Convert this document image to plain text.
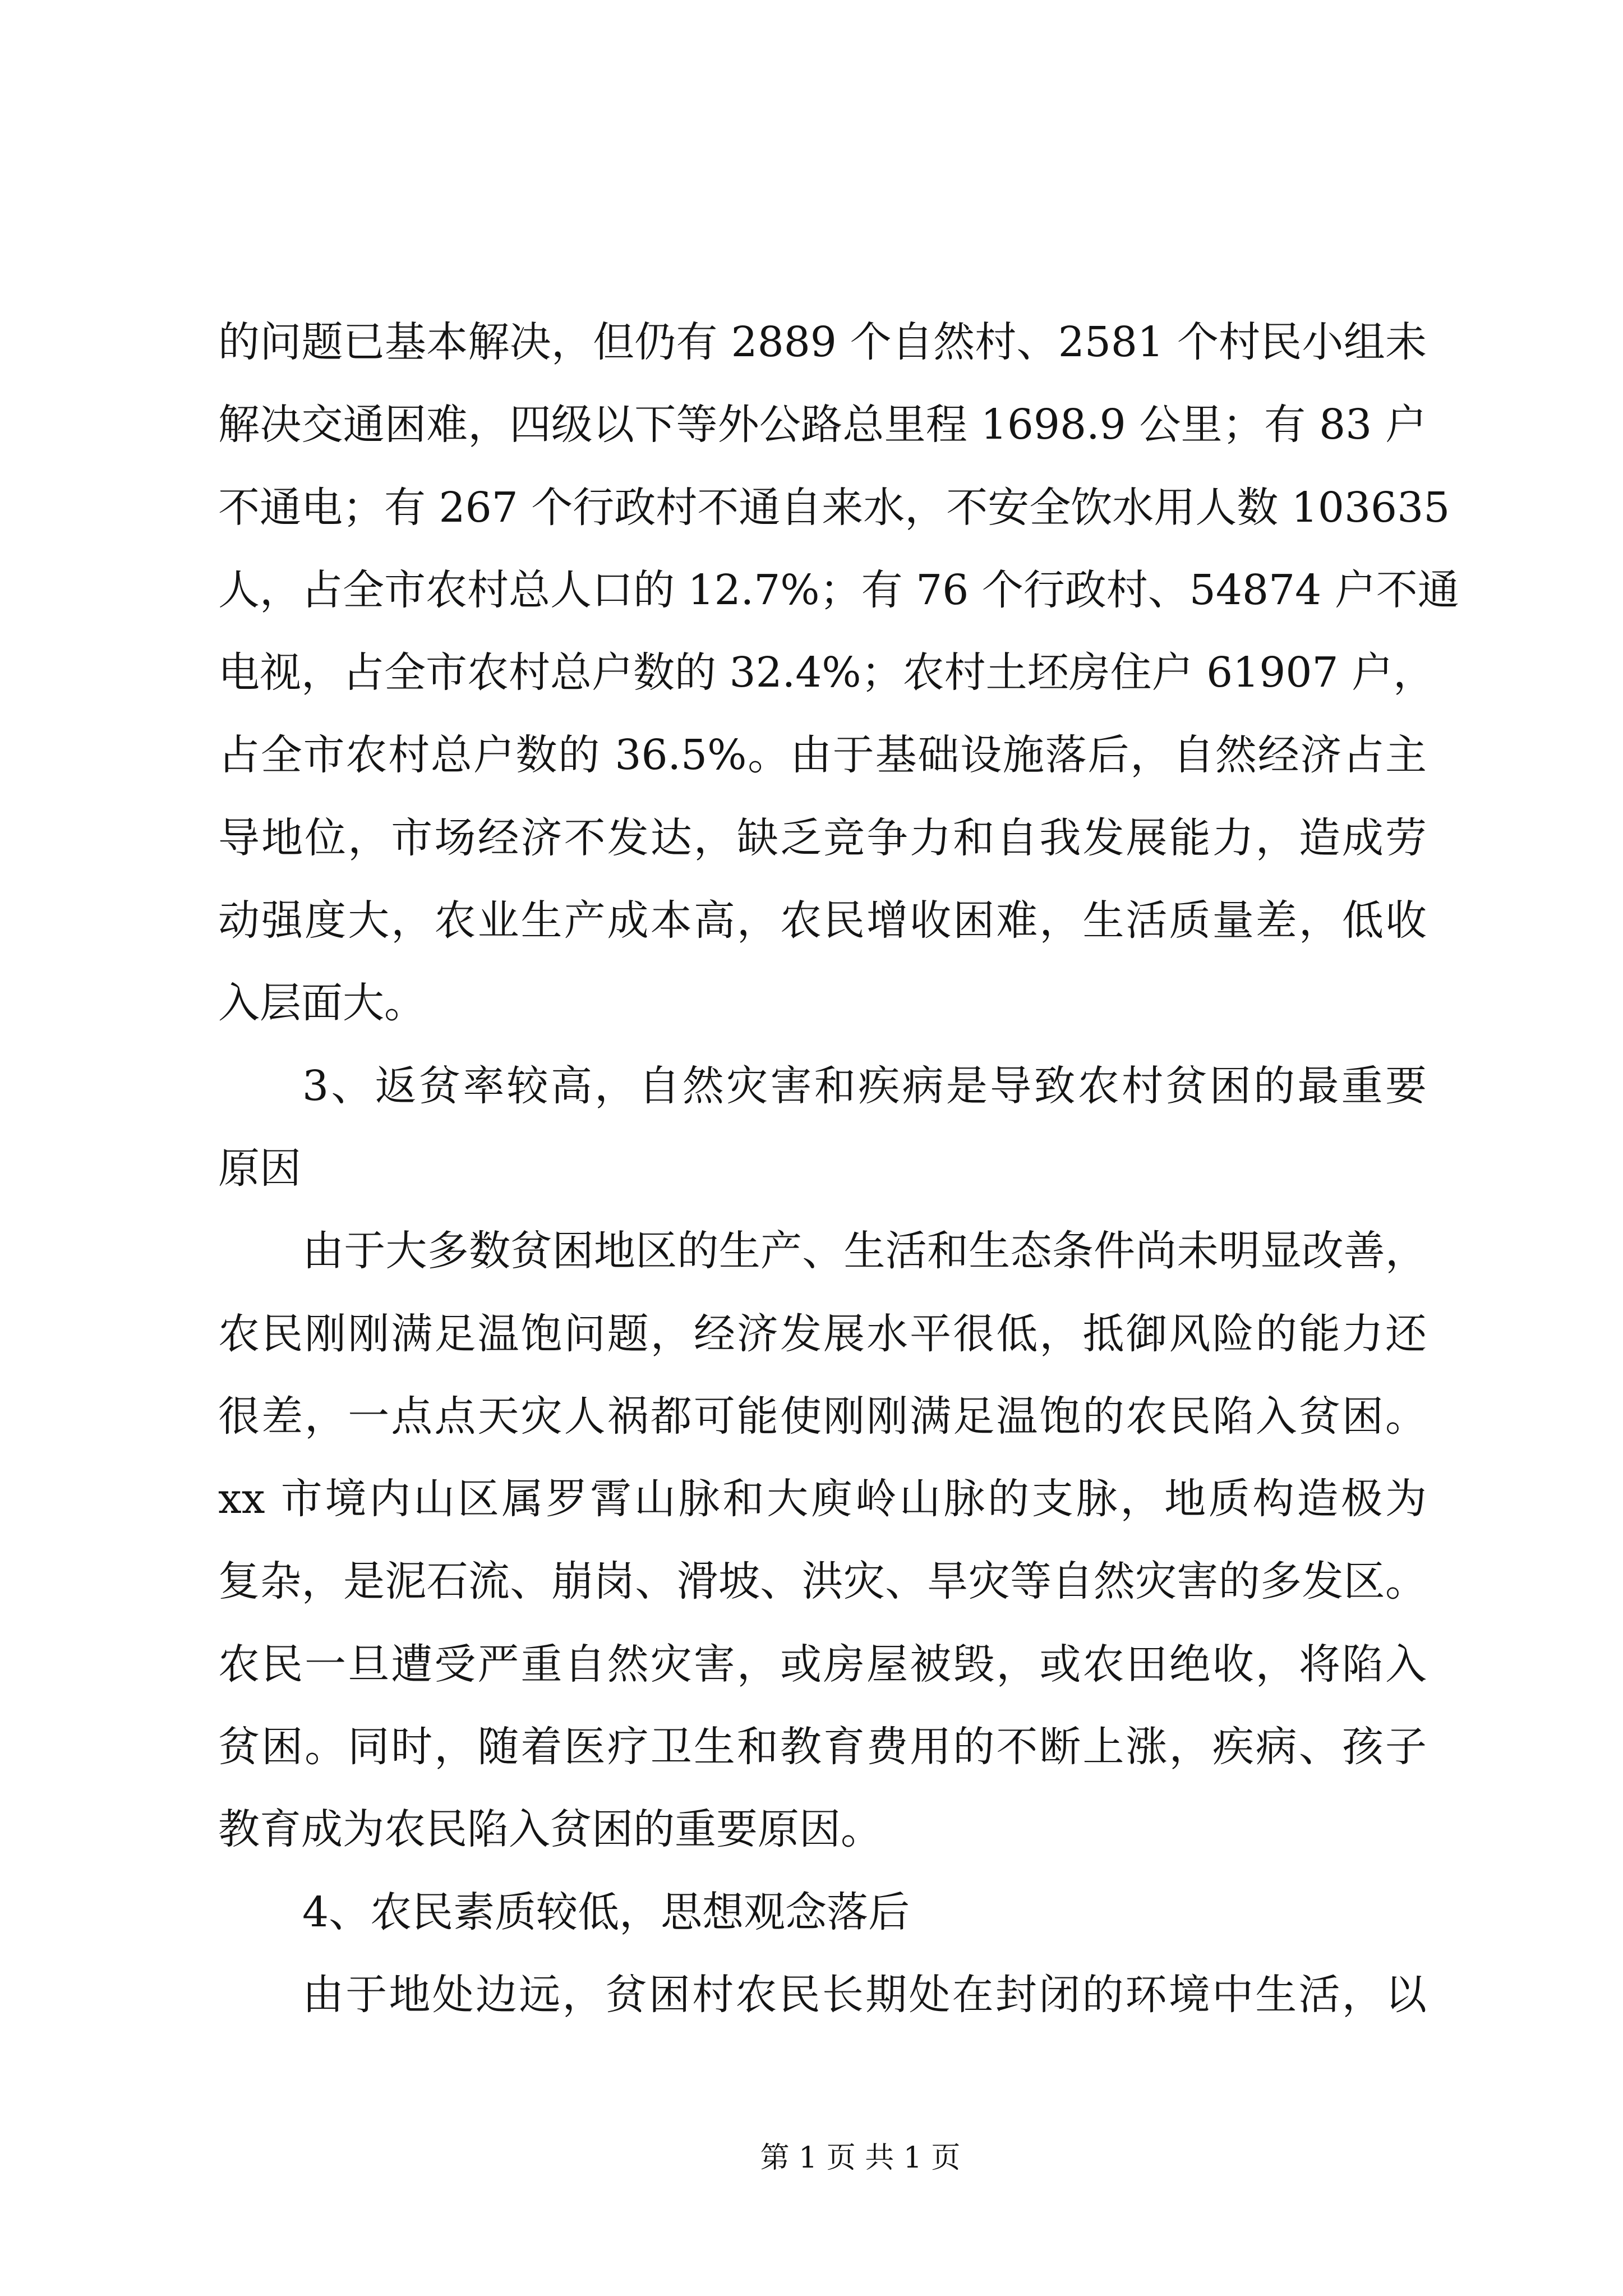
的问题已基本解决，但仍有 2889 个自然村、2581 个村民小组未
解决交通困难，四级以下等外公路总里程 1698.9 公里；有 83 户
不通电；有 267 个行政村不通自来水，不安全饮水用人数 103635
人，占全市农村总人口的 12.7%；有 76 个行政村、54874 户不通
电视，占全市农村总户数的 32.4%；农村土坯房住户 61907 户，
占全市农村总户数的 36.5%。由于基础设施落后，自然经济占主
导地位，市场经济不发达，缺乏竞争力和自我发展能力，造成劳
动强度大，农业生产成本高，农民增收困难，生活质量差，低收
入层面大。
3、返贫率较高，自然灾害和疾病是导致农村贫困的最重要
原因
由于大多数贫困地区的生产、生活和生态条件尚未明显改善，
农民刚刚满足温饱问题，经济发展水平很低，抵御风险的能力还
很差，一点点天灾人祸都可能使刚刚满足温饱的农民陷入贫困。
xx 市境内山区属罗霄山脉和大庾岭山脉的支脉，地质构造极为
复杂，是泥石流、崩岗、滑坡、洪灾、旱灾等自然灾害的多发区。
农民一旦遭受严重自然灾害，或房屋被毁，或农田绝收，将陷入
贫困。同时，随着医疗卫生和教育费用的不断上涨，疾病、孩子
教育成为农民陷入贫困的重要原因。
4、农民素质较低，思想观念落后
由于地处边远，贫困村农民长期处在封闭的环境中生活，以
第 1 页 共 1 页
